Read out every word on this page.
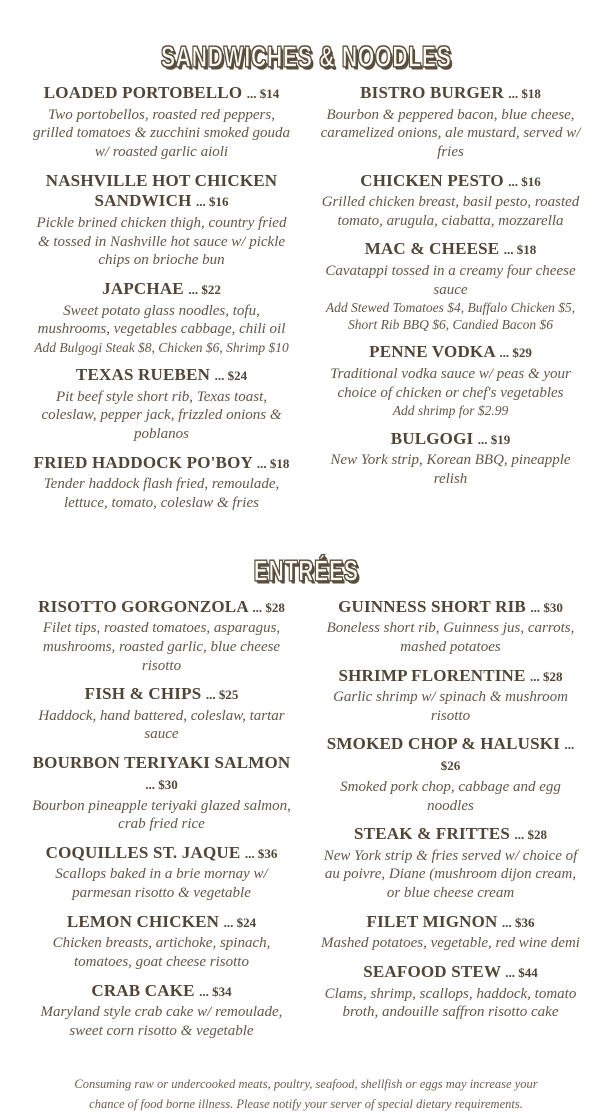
SANDWICHES & NOODLES
LOADED PORTOBELLO ... $14

Two portobellos, roasted red peppers, grilled tomatoes & zucchini smoked gouda w/ roasted garlic aioli

NASHVILLE HOT CHICKEN SANDWICH ... $16

Pickle brined chicken thigh, country fried & tossed in Nashville hot sauce w/ pickle chips on brioche bun

JAPCHAE ... $22

Sweet potato glass noodles, tofu, mushrooms, vegetables cabbage, chili oil

Add Bulgogi Steak $8, Chicken $6, Shrimp $10

TEXAS RUEBEN ... $24

Pit beef style short rib, Texas toast, coleslaw, pepper jack, frizzled onions & poblanos

FRIED HADDOCK PO'BOY ... $18

Tender haddock flash fried, remoulade, lettuce, tomato, coleslaw & fries

BISTRO BURGER ... $18

Bourbon & peppered bacon, blue cheese, caramelized onions, ale mustard, served w/ fries

CHICKEN PESTO ... $16

Grilled chicken breast, basil pesto, roasted tomato, arugula, ciabatta, mozzarella

MAC & CHEESE ... $18

Cavatappi tossed in a creamy four cheese sauce

Add Stewed Tomatoes $4, Buffalo Chicken $5, Short Rib BBQ $6, Candied Bacon $6

PENNE VODKA ... $29

Traditional vodka sauce w/ peas & your choice of chicken or chef's vegetables

Add shrimp for $2.99

BULGOGI ... $19

New York strip, Korean BBQ, pineapple relish

ENTRÉES
RISOTTO GORGONZOLA ... $28

Filet tips, roasted tomatoes, asparagus, mushrooms, roasted garlic, blue cheese risotto

FISH & CHIPS ... $25

Haddock, hand battered, coleslaw, tartar sauce

BOURBON TERIYAKI SALMON ... $30

Bourbon pineapple teriyaki glazed salmon, crab fried rice

COQUILLES ST. JAQUE ... $36

Scallops baked in a brie mornay w/ parmesan risotto & vegetable

LEMON CHICKEN ... $24

Chicken breasts, artichoke, spinach, tomatoes, goat cheese risotto

CRAB CAKE ... $34

Maryland style crab cake w/ remoulade, sweet corn risotto & vegetable

GUINNESS SHORT RIB ... $30

Boneless short rib, Guinness jus, carrots, mashed potatoes

SHRIMP FLORENTINE ... $28

Garlic shrimp w/ spinach & mushroom risotto

SMOKED CHOP & HALUSKI ... $26

Smoked pork chop, cabbage and egg noodles

STEAK & FRITTES ... $28

New York strip & fries served w/ choice of au poivre, Diane (mushroom dijon cream, or blue cheese cream

FILET MIGNON ... $36

Mashed potatoes, vegetable, red wine demi

SEAFOOD STEW ... $44

Clams, shrimp, scallops, haddock, tomato broth, andouille saffron risotto cake

Consuming raw or undercooked meats, poultry, seafood, shellfish or eggs may increase your chance of food borne illness. Please notify your server of special dietary requirements.
